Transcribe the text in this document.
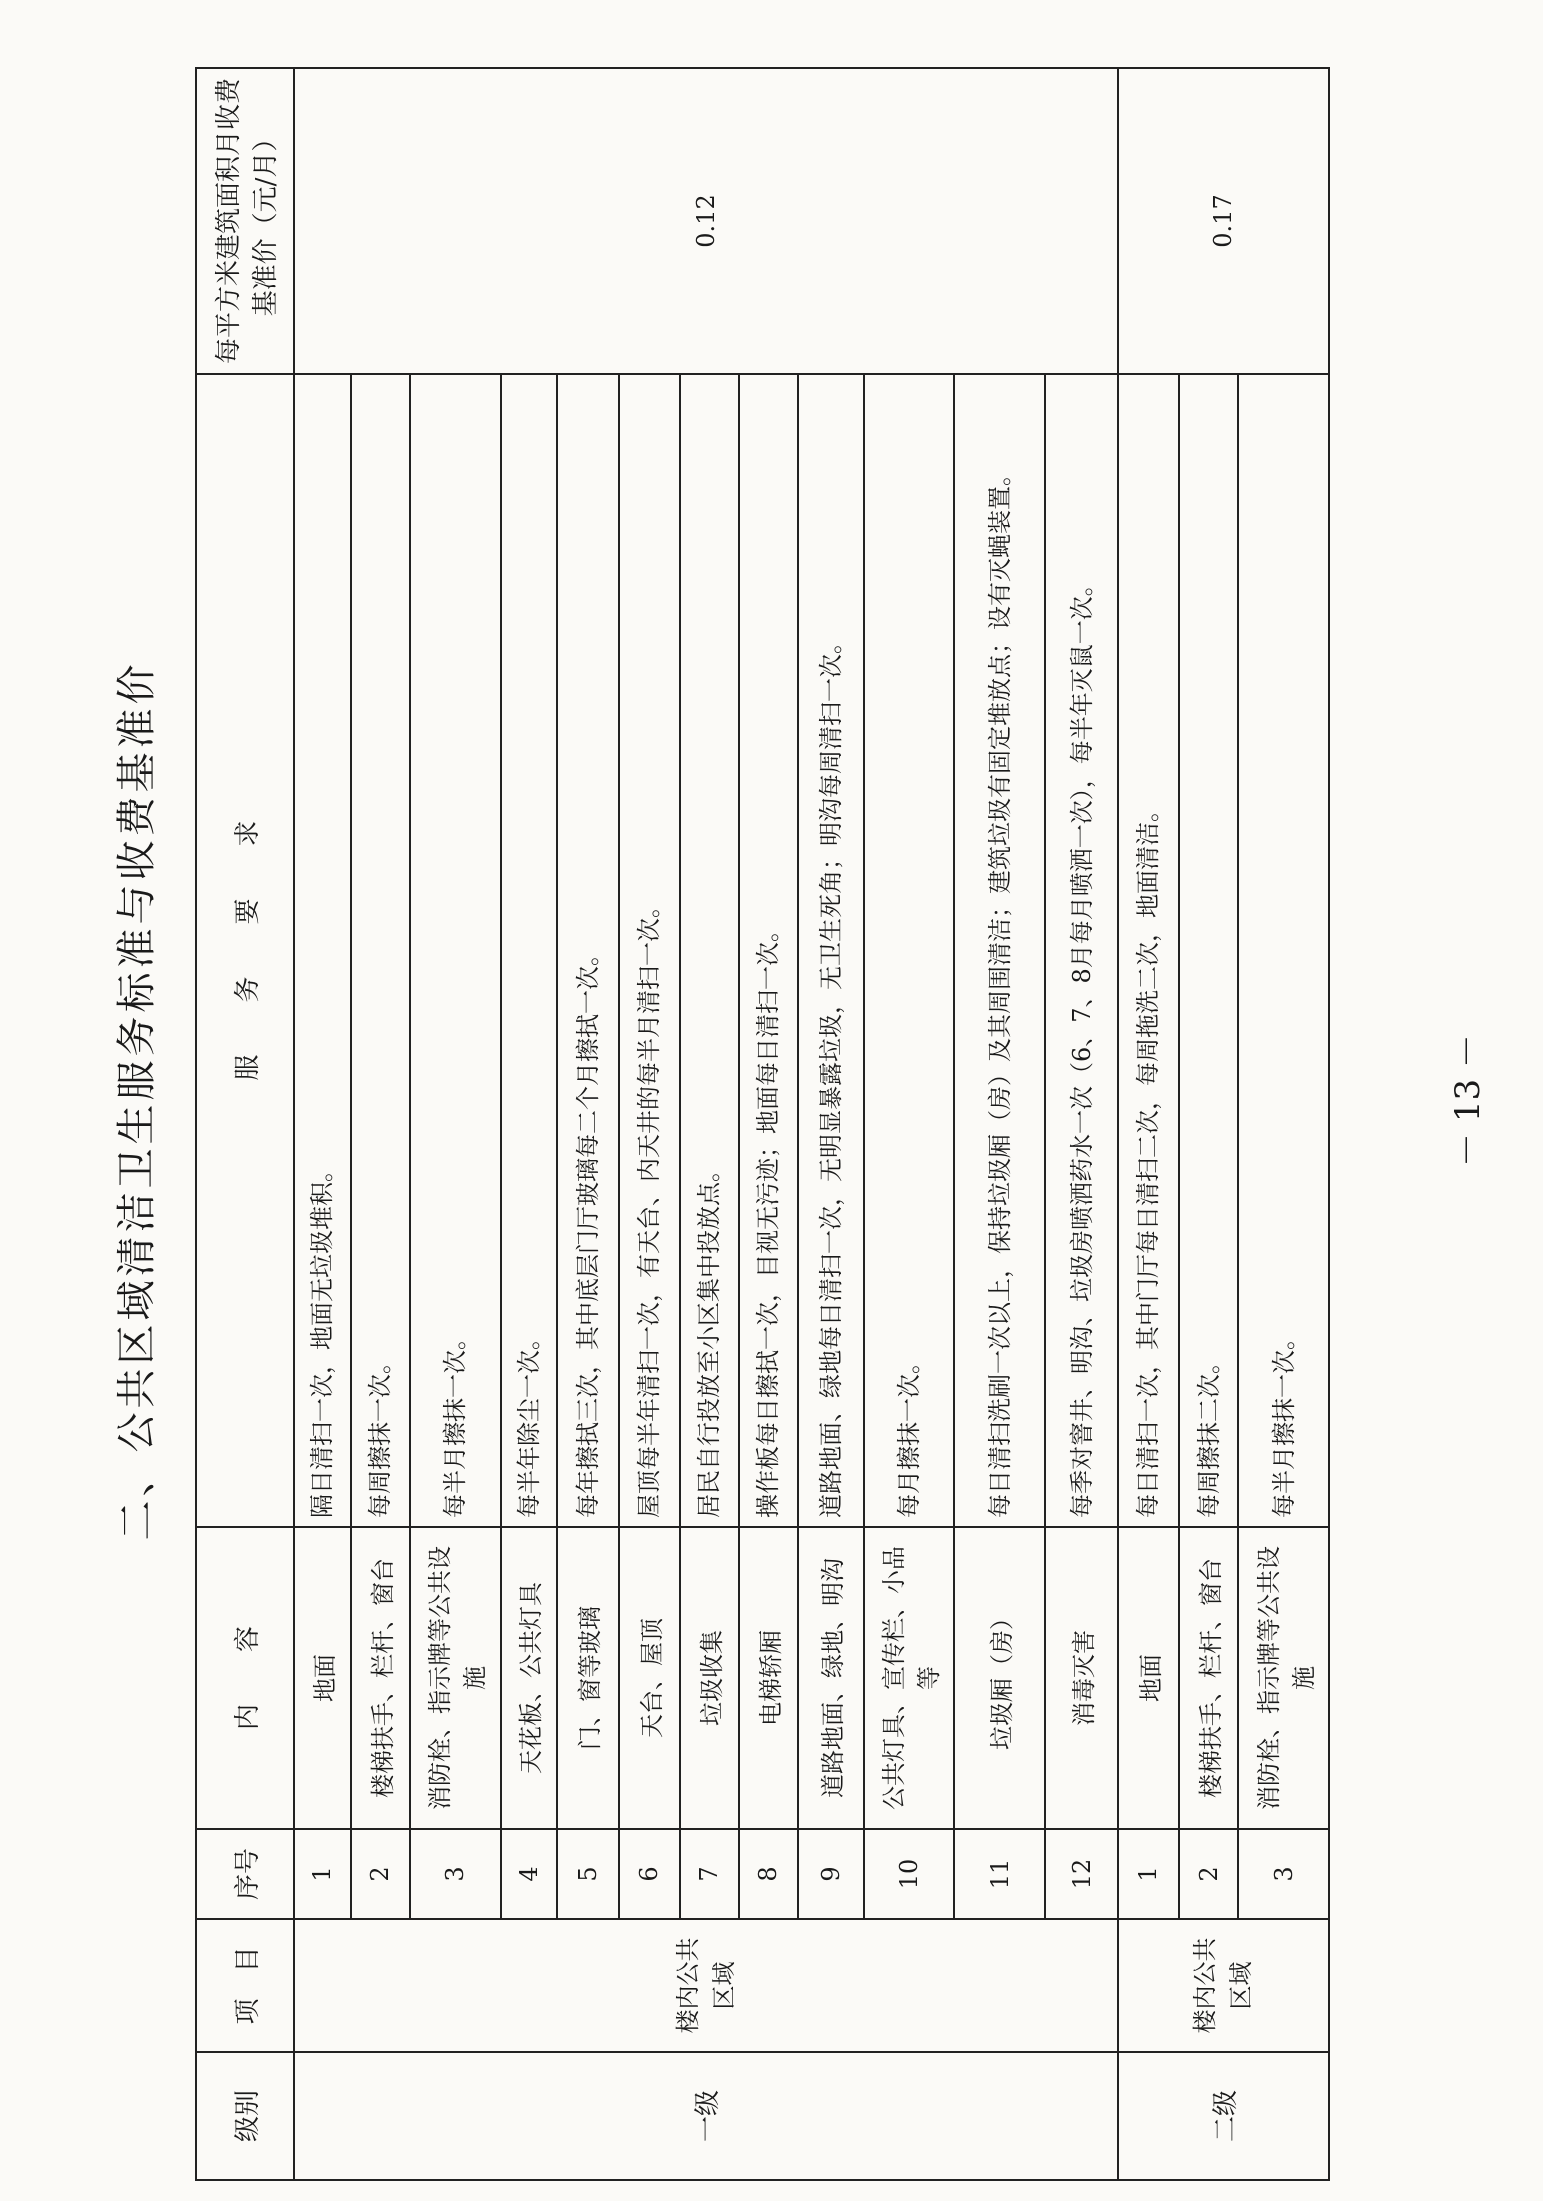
二、公共区域清洁卫生服务标准与收费基准价
级别	项　目	序号	内　　容	服　　务　　要　　求	每平方米建筑面积月收费基准价（元/月）
一级	楼内公共区域	1	地面	隔日清扫一次，地面无垃圾堆积。	0.12
		2	楼梯扶手、栏杆、窗台	每周擦抹一次。	
		3	消防栓、指示牌等公共设施	每半月擦抹一次。	
		4	天花板、公共灯具	每半年除尘一次。	
		5	门、窗等玻璃	每年擦拭三次，其中底层门厅玻璃每二个月擦拭一次。	
		6	天台、屋顶	屋顶每半年清扫一次，有天台、内天井的每半月清扫一次。	
		7	垃圾收集	居民自行投放至小区集中投放点。	
		8	电梯轿厢	操作板每日擦拭一次，目视无污迹；地面每日清扫一次。	
		9	道路地面、绿地、明沟	道路地面、绿地每日清扫一次，无明显暴露垃圾，无卫生死角；明沟每周清扫一次。	
		10	公共灯具、宣传栏、小品等	每月擦抹一次。	
		11	垃圾厢（房）	每日清扫洗刷一次以上，保持垃圾厢（房）及其周围清洁；建筑垃圾有固定堆放点；设有灭蝇装置。	
		12	消毒灭害	每季对窨井、明沟、垃圾房喷洒药水一次（6、7、8月每月喷洒一次），每半年灭鼠一次。	
二级	楼内公共区域	1	地面	每日清扫一次，其中门厅每日清扫二次，每周拖洗二次，地面清洁。	0.17
		2	楼梯扶手、栏杆、窗台	每周擦抹二次。	
		3	消防栓、指示牌等公共设施	每半月擦抹一次。	
－ 13 －
